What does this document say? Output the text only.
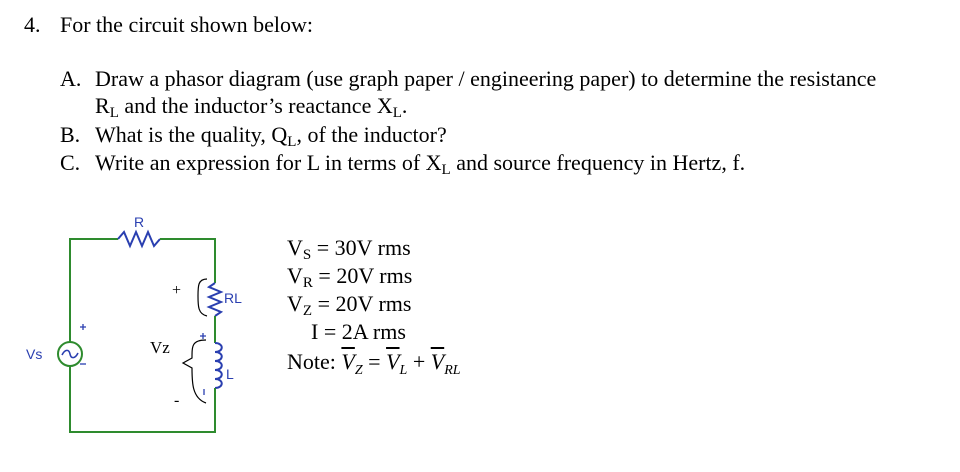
4. For the circuit shown below:
A. Draw a phasor diagram (use graph paper / engineering paper) to determine the resistance
$R_L$ and the inductor’s reactance $X_L$.
B. What is the quality, $Q_L$, of the inductor?
C. Write an expression for L in terms of $X_L$ and source frequency in Hertz, f.
R
RL
L
Vs	Vz
+
-
$V_S = 30V$ rms
$V_R = 20V$ rms
$V_Z = 20V$ rms
I = 2A rms
Note: $\overline{V}_Z = \overline{V}_L + \overline{V}_{RL}$
